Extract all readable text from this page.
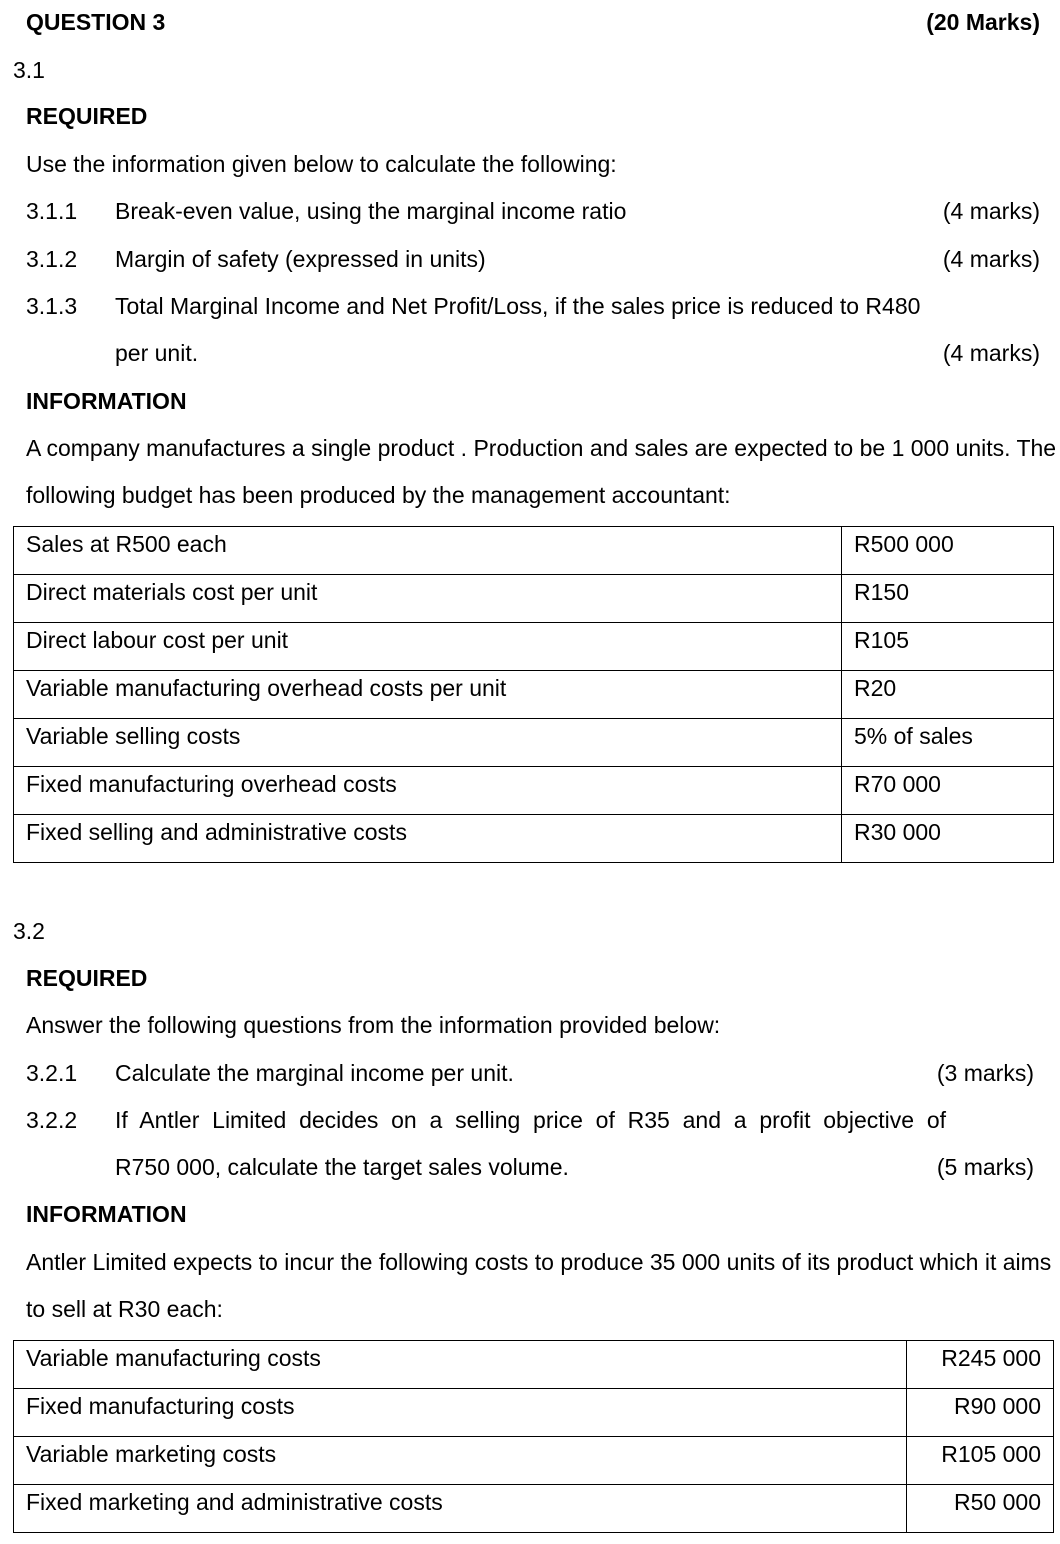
QUESTION 3	(20 Marks)
3.1
REQUIRED
Use the information given below to calculate the following:
3.1.1 Break-even value, using the marginal income ratio	(4 marks)
3.1.2 Margin of safety (expressed in units)	(4 marks)
3.1.3 Total Marginal Income and Net Profit/Loss, if the sales price is reduced to R480
per unit.	(4 marks)
INFORMATION
A company manufactures a single product . Production and sales are expected to be 1 000 units. The
following budget has been produced by the management accountant:
Sales at R500 each	R500 000
Direct materials cost per unit	R150
Direct labour cost per unit	R105
Variable manufacturing overhead costs per unit	R20
Variable selling costs	5% of sales
Fixed manufacturing overhead costs	R70 000
Fixed selling and administrative costs	R30 000
3.2
REQUIRED
Answer the following questions from the information provided below:
3.2.1 Calculate the marginal income per unit.	(3 marks)
3.2.2 If  Antler  Limited  decides  on  a  selling  price  of  R35  and  a  profit  objective  of
R750 000, calculate the target sales volume.	(5 marks)
INFORMATION
Antler Limited expects to incur the following costs to produce 35 000 units of its product which it aims
to sell at R30 each:
Variable manufacturing costs	R245 000
Fixed manufacturing costs	R90 000
Variable marketing costs	R105 000
Fixed marketing and administrative costs	R50 000
